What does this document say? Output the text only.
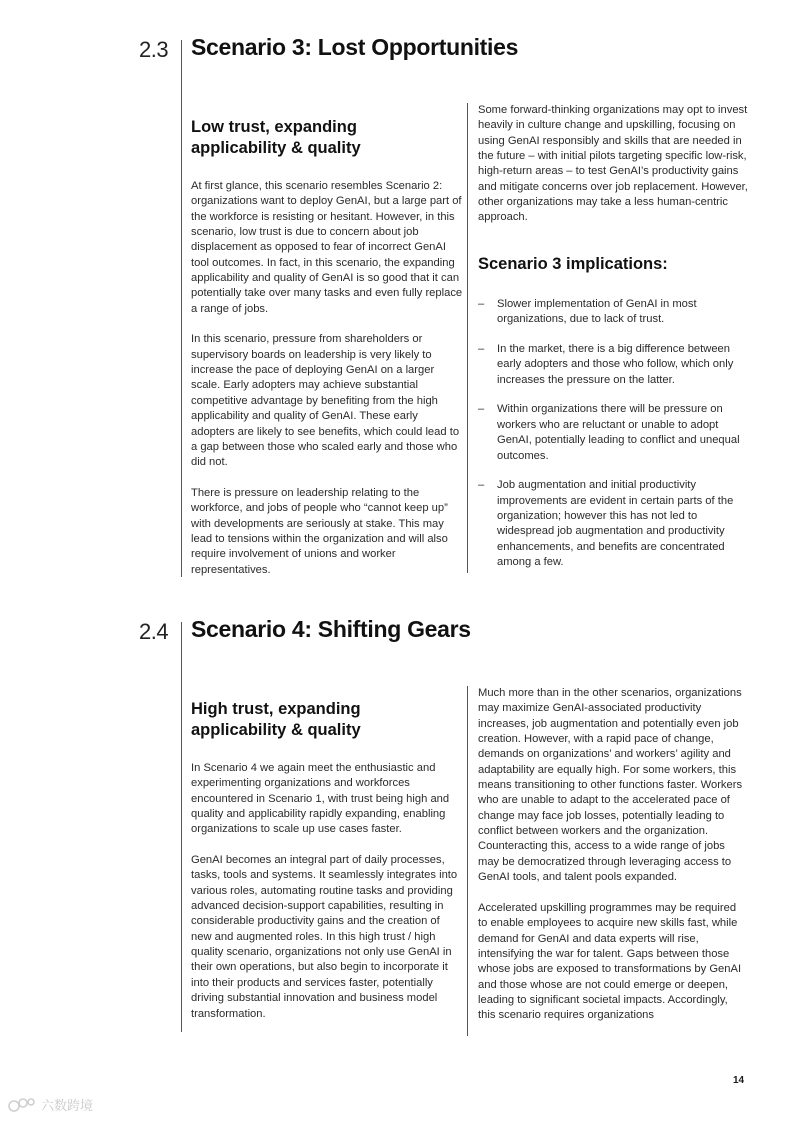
2.3 Scenario 3: Lost Opportunities
Low trust, expanding applicability & quality

At first glance, this scenario resembles Scenario 2: organizations want to deploy GenAI, but a large part of the workforce is resisting or hesitant. However, in this scenario, low trust is due to concern about job displacement as opposed to fear of incorrect GenAI tool outcomes. In fact, in this scenario, the expanding applicability and quality of GenAI is so good that it can potentially take over many tasks and even fully replace a range of jobs.

In this scenario, pressure from shareholders or supervisory boards on leadership is very likely to increase the pace of deploying GenAI on a larger scale. Early adopters may achieve substantial competitive advantage by benefiting from the high applicability and quality of GenAI. These early adopters are likely to see benefits, which could lead to a gap between those who scaled early and those who did not.

There is pressure on leadership relating to the workforce, and jobs of people who “cannot keep up” with developments are seriously at stake. This may lead to tensions within the organization and will also require involvement of unions and worker representatives.

Some forward-thinking organizations may opt to invest heavily in culture change and upskilling, focusing on using GenAI responsibly and skills that are needed in the future – with initial pilots targeting specific low-risk, high-return areas – to test GenAI’s productivity gains and mitigate concerns over job replacement. However, other organizations may take a less human-centric approach.

Scenario 3 implications:
– Slower implementation of GenAI in most organizations, due to lack of trust.
– In the market, there is a big difference between early adopters and those who follow, which only increases the pressure on the latter.
– Within organizations there will be pressure on workers who are reluctant or unable to adopt GenAI, potentially leading to conflict and unequal outcomes.
– Job augmentation and initial productivity improvements are evident in certain parts of the organization; however this has not led to widespread job augmentation and productivity enhancements, and benefits are concentrated among a few.
2.4 Scenario 4: Shifting Gears
High trust, expanding applicability & quality

In Scenario 4 we again meet the enthusiastic and experimenting organizations and workforces encountered in Scenario 1, with trust being high and quality and applicability rapidly expanding, enabling organizations to scale up use cases faster.

GenAI becomes an integral part of daily processes, tasks, tools and systems. It seamlessly integrates into various roles, automating routine tasks and providing advanced decision-support capabilities, resulting in considerable productivity gains and the creation of new and augmented roles. In this high trust / high quality scenario, organizations not only use GenAI in their own operations, but also begin to incorporate it into their products and services faster, potentially driving substantial innovation and business model transformation.

Much more than in the other scenarios, organizations may maximize GenAI-associated productivity increases, job augmentation and potentially even job creation. However, with a rapid pace of change, demands on organizations’ and workers’ agility and adaptability are equally high. For some workers, this means transitioning to other functions faster. Workers who are unable to adapt to the accelerated pace of change may face job losses, potentially leading to conflict between workers and the organization. Counteracting this, access to a wide range of jobs may be democratized through leveraging access to GenAI tools, and talent pools expanded.

Accelerated upskilling programmes may be required to enable employees to acquire new skills fast, while demand for GenAI and data experts will rise, intensifying the war for talent. Gaps between those whose jobs are exposed to transformations by GenAI and those whose are not could emerge or deepen, leading to significant societal impacts. Accordingly, this scenario requires organizations

14
六数跨境
